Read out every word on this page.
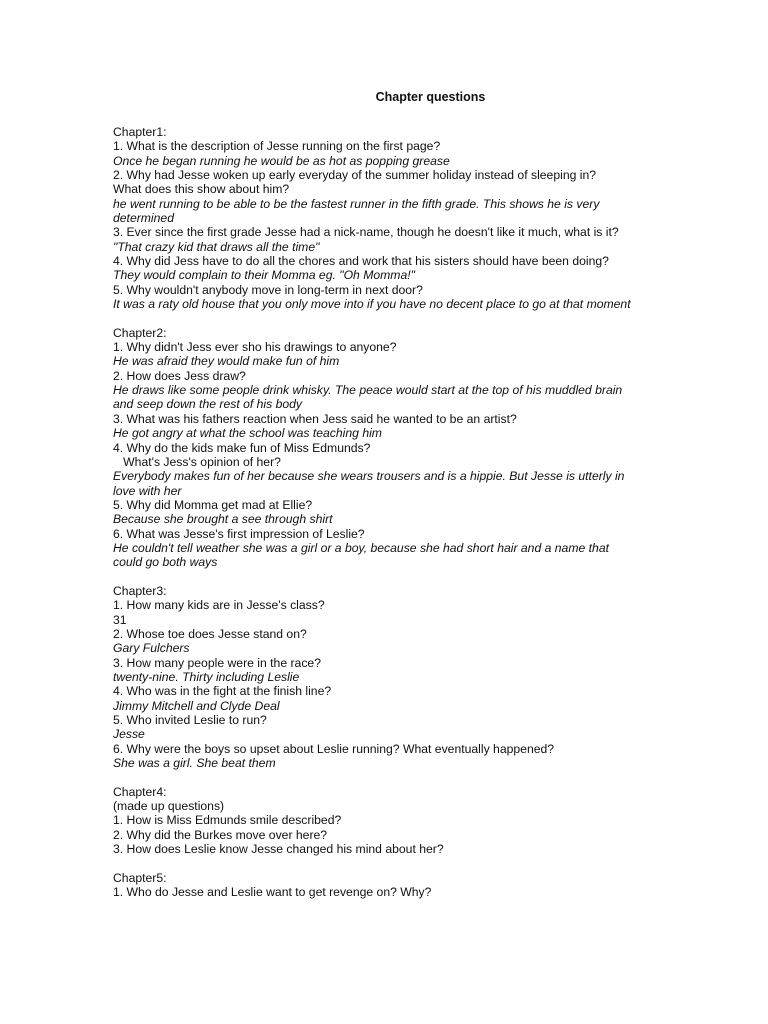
Chapter questions
Chapter1:
1. What is the description of Jesse running on the first page?
Once he began running he would be as hot as popping grease
2. Why had Jesse woken up early everyday of the summer holiday instead of sleeping in?
What does this show about him?
he went running to be able to be the fastest runner in the fifth grade. This shows he is very
determined
3. Ever since the first grade Jesse had a nick-name, though he doesn't like it much, what is it?
"That crazy kid that draws all the time"
4. Why did Jess have to do all the chores and work that his sisters should have been doing?
They would complain to their Momma eg. "Oh Momma!"
5. Why wouldn't anybody move in long-term in next door?
It was a raty old house that you only move into if you have no decent place to go at that moment
Chapter2:
1. Why didn't Jess ever sho his drawings to anyone?
He was afraid they would make fun of him
2. How does Jess draw?
He draws like some people drink whisky. The peace would start at the top of his muddled brain
and seep down the rest of his body
3. What was his fathers reaction when Jess said he wanted to be an artist?
He got angry at what the school was teaching him
4. Why do the kids make fun of Miss Edmunds?
What's Jess's opinion of her?
Everybody makes fun of her because she wears trousers and is a hippie. But Jesse is utterly in
love with her
5. Why did Momma get mad at Ellie?
Because she brought a see through shirt
6. What was Jesse's first impression of Leslie?
He couldn't tell weather she was a girl or a boy, because she had short hair and a name that
could go both ways
Chapter3:
1. How many kids are in Jesse's class?
31
2. Whose toe does Jesse stand on?
Gary Fulchers
3. How many people were in the race?
twenty-nine. Thirty including Leslie
4. Who was in the fight at the finish line?
Jimmy Mitchell and Clyde Deal
5. Who invited Leslie to run?
Jesse
6. Why were the boys so upset about Leslie running? What eventually happened?
She was a girl. She beat them
Chapter4:
(made up questions)
1. How is Miss Edmunds smile described?
2. Why did the Burkes move over here?
3. How does Leslie know Jesse changed his mind about her?
Chapter5:
1. Who do Jesse and Leslie want to get revenge on? Why?
